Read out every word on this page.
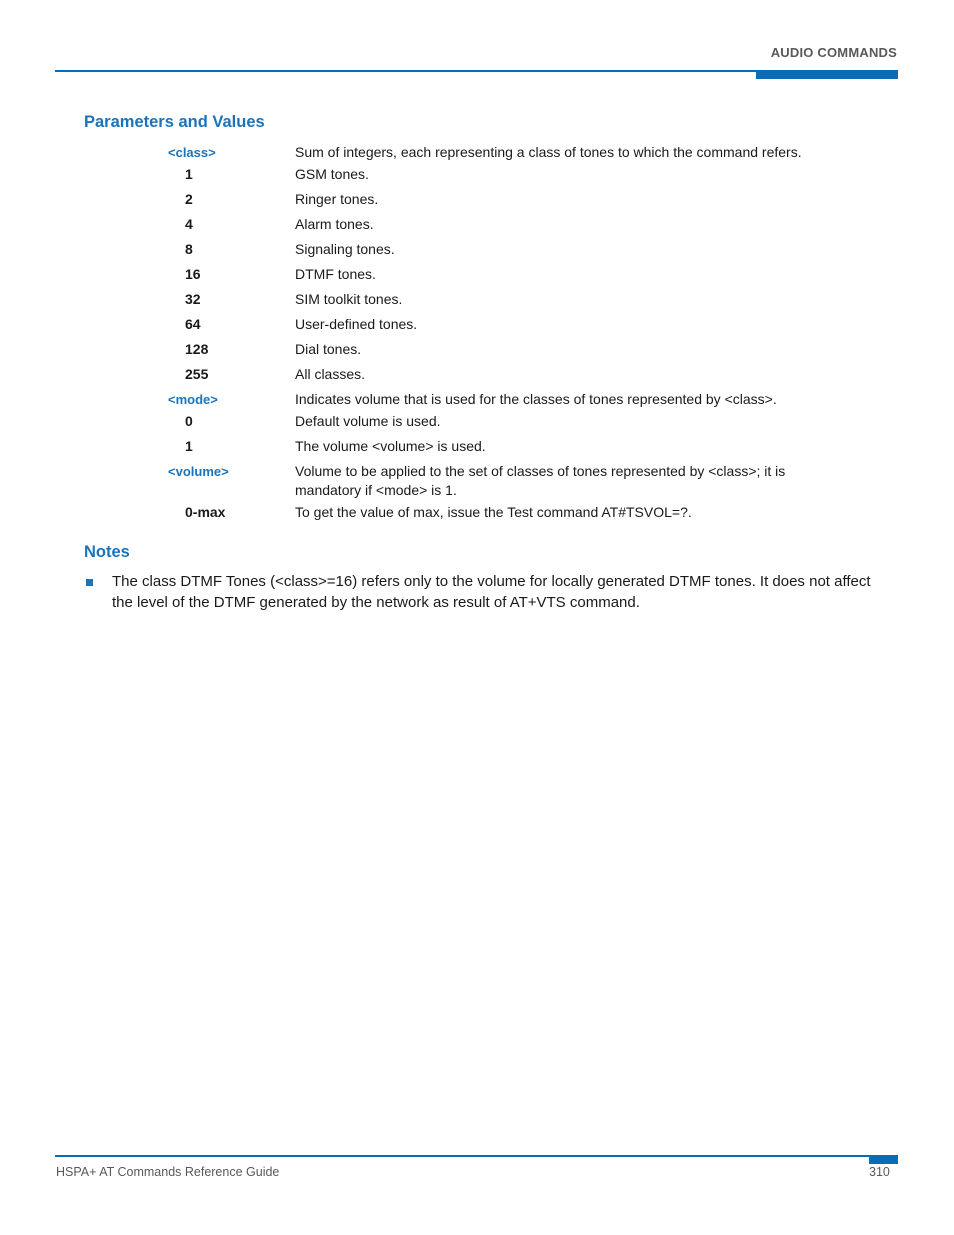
AUDIO COMMANDS
Parameters and Values
<class>	Sum of integers, each representing a class of tones to which the command refers.
1	GSM tones.
2	Ringer tones.
4	Alarm tones.
8	Signaling tones.
16	DTMF tones.
32	SIM toolkit tones.
64	User-defined tones.
128	Dial tones.
255	All classes.
<mode>	Indicates volume that is used for the classes of tones represented by <class>.
0	Default volume is used.
1	The volume <volume> is used.
<volume>	Volume to be applied to the set of classes of tones represented by <class>; it is mandatory if <mode> is 1.
0-max	To get the value of max, issue the Test command AT#TSVOL=?.
Notes
The class DTMF Tones (<class>=16) refers only to the volume for locally generated DTMF tones. It does not affect the level of the DTMF generated by the network as result of AT+VTS command.
HSPA+ AT Commands Reference Guide	310
